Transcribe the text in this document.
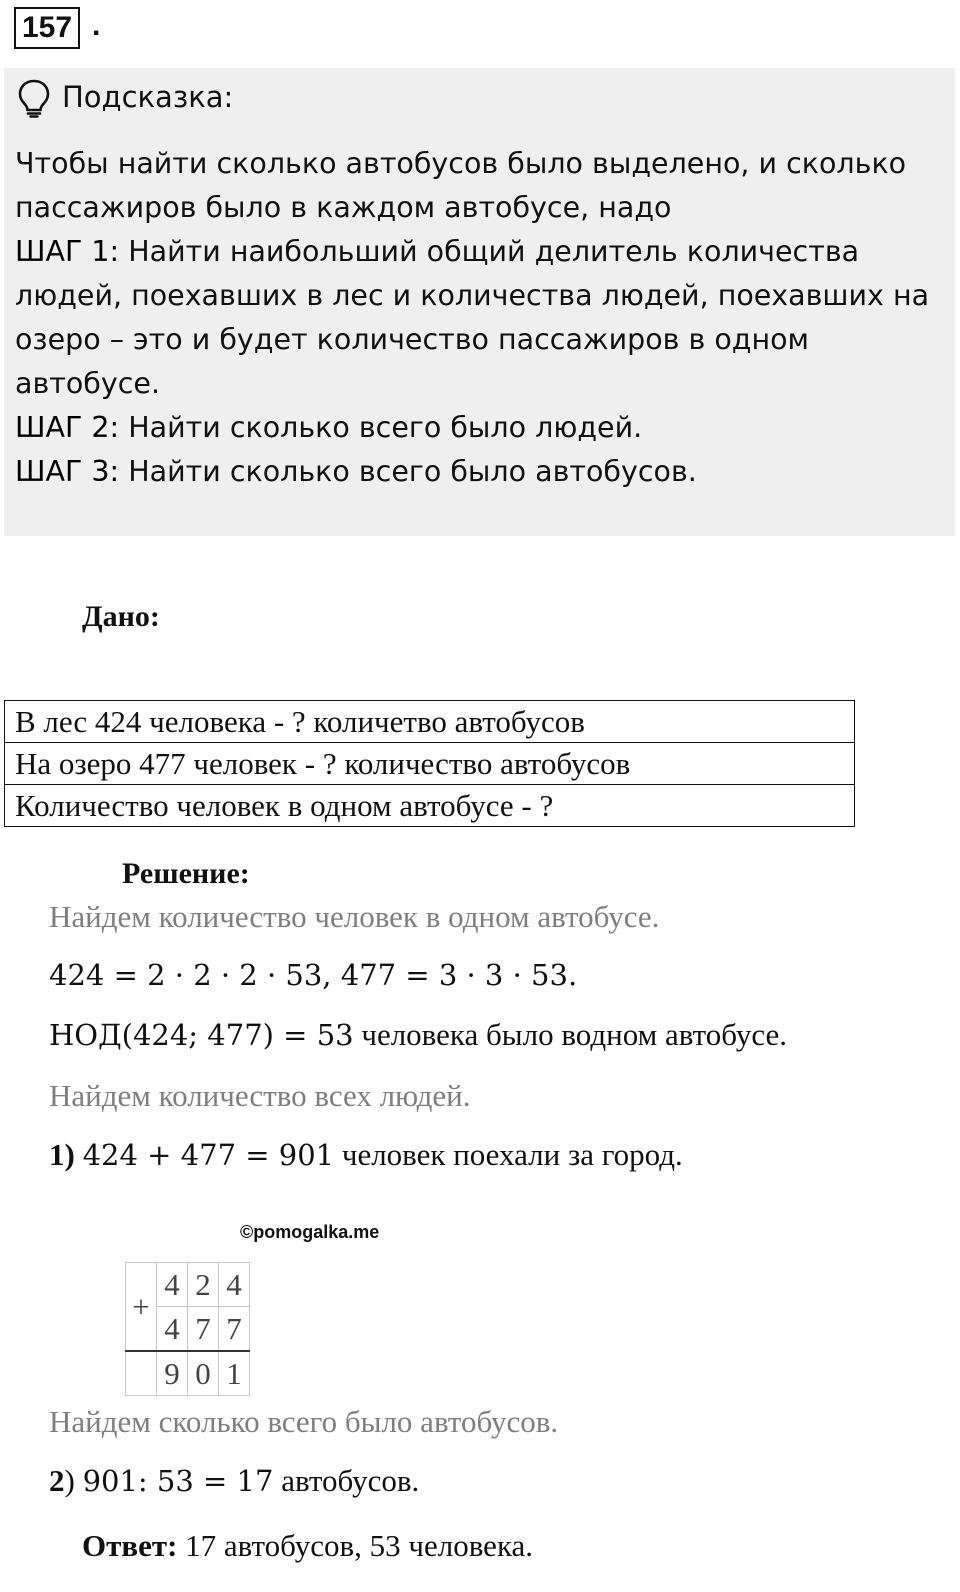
157 .
Подсказка:

Чтобы найти сколько автобусов было выделено, и сколько пассажиров было в каждом автобусе, надо

ШАГ 1: Найти наибольший общий делитель количества людей, поехавших в лес и количества людей, поехавших на озеро – это и будет количество пассажиров в одном автобусе.

ШАГ 2: Найти сколько всего было людей.

ШАГ 3: Найти сколько всего было автобусов.

Дано:
В лес 424 человека - ? количетво автобусов
На озеро 477 человек - ? количество автобусов
Количество человек в одном автобусе - ?
Решение:
Найдем количество человек в одном автобусе.
424 = 2 · 2 · 2 · 53, 477 = 3 · 3 · 53.
НОД(424; 477) = 53 человека было водном автобусе.
Найдем количество всех людей.
1) 424 + 477 = 901 человек поехали за город.
©pomogalka.me
+	4	2	4
	4	7	7
	9	0	1
Найдем сколько всего было автобусов.
2) 901: 53 = 17 автобусов.
Ответ: 17 автобусов, 53 человека.
